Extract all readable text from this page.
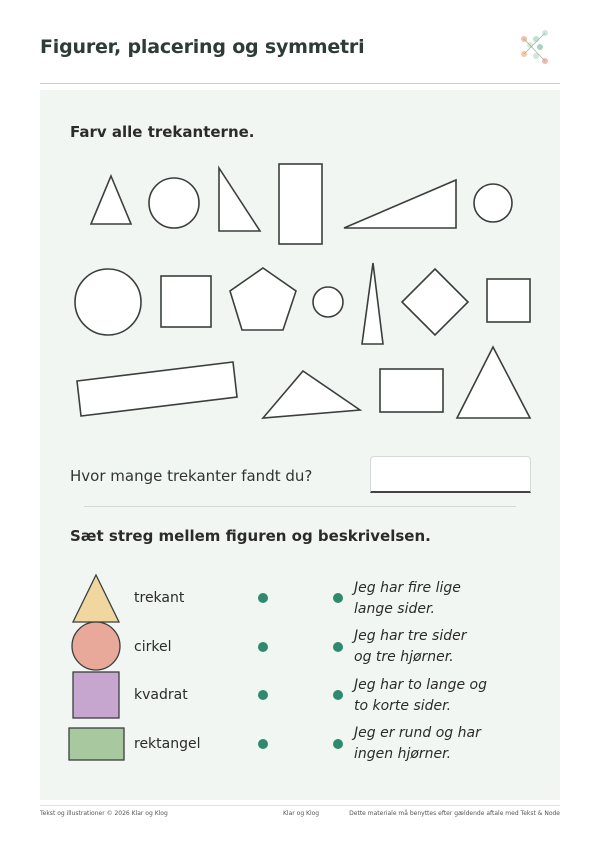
Figurer, placering og symmetri
Farv alle trekanterne.
Hvor mange trekanter fandt du?
Sæt streg mellem figuren og beskrivelsen.
trekant
cirkel
kvadrat
rektangel
Jeg har fire lige
lange sider.
Jeg har tre sider
og tre hjørner.
Jeg har to lange og
to korte sider.
Jeg er rund og har
ingen hjørner.
Tekst og illustrationer © 2026 Klar og Klog	Klar og Klog	Dette materiale må benyttes efter gældende aftale med Tekst & Node
